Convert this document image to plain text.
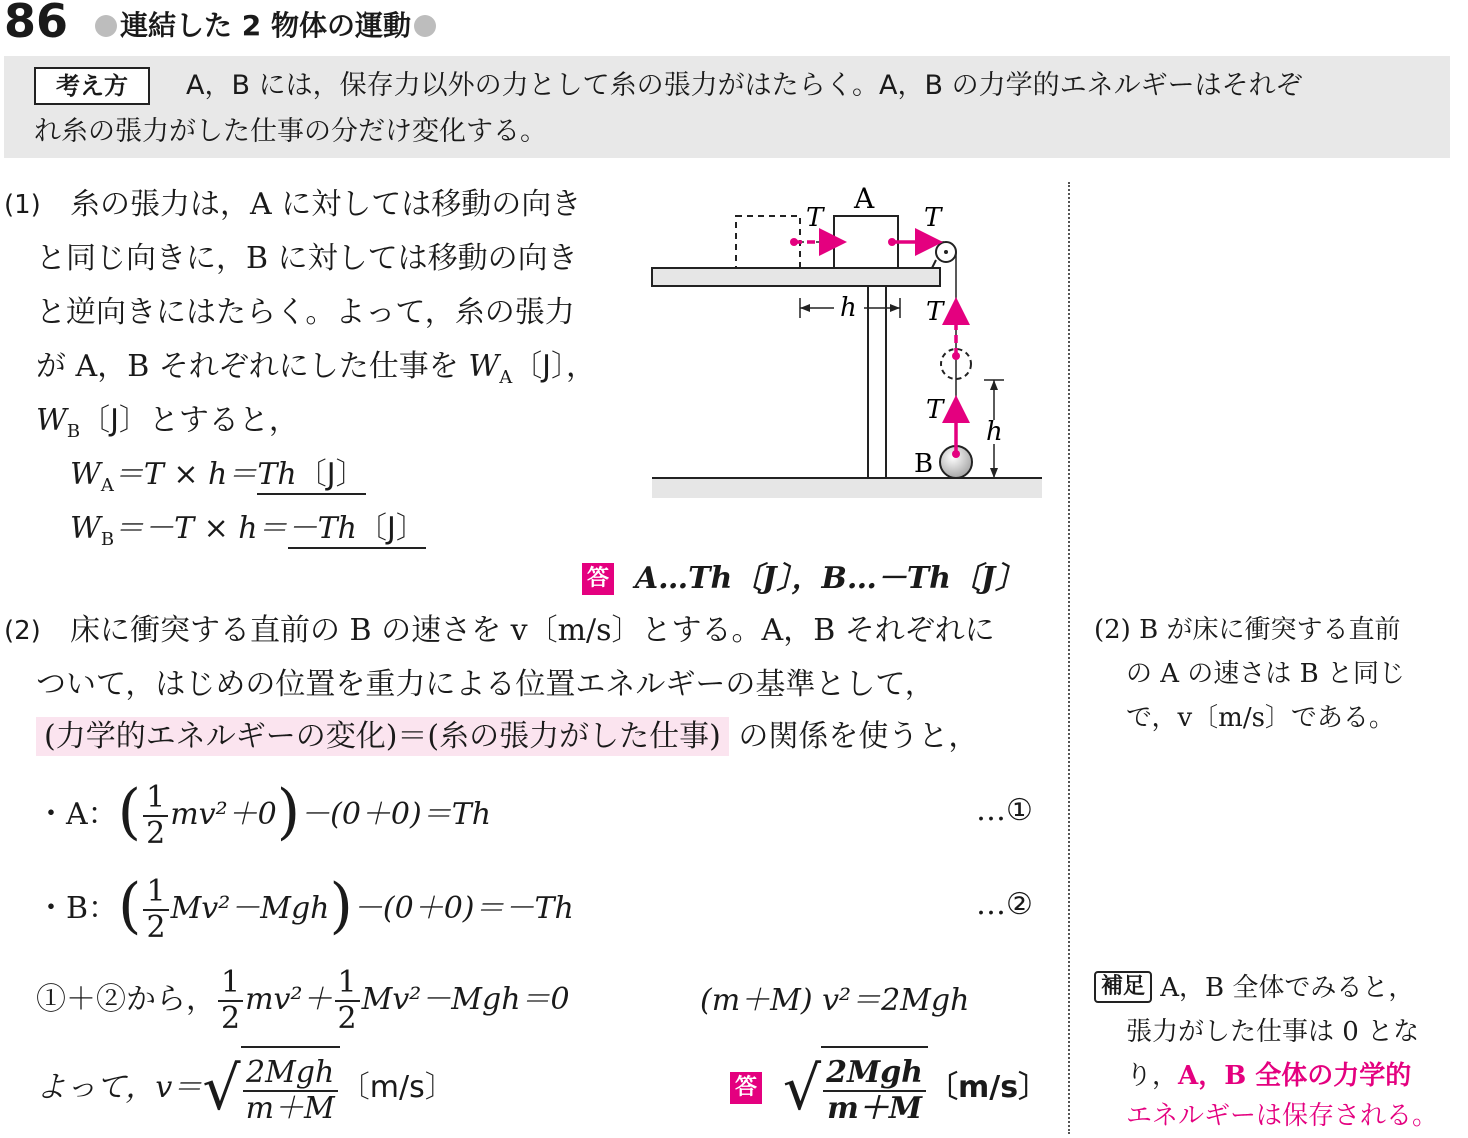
86	連結した 2 物体の運動
考え方	A，B には，保存力以外の力として糸の張力がはたらく。A，B の力学的エネルギーはそれぞ
れ糸の張力がした仕事の分だけ変化する。
(1) 糸の張力は，A に対しては移動の向き
と同じ向きに，B に対しては移動の向き
と逆向きにはたらく。よって，糸の張力
が A，B それぞれにした仕事を $W_A$〔J〕，
$W_B$〔J〕とすると，
$W_A=T \times h=Th$〔J〕
$W_B=-T \times h=-Th$〔J〕
答 A…Th〔J〕，B…－Th〔J〕
A
T	T
T
T
h
h
B
(2) 床に衝突する直前の B の速さを v〔m/s〕とする。A，B それぞれに
ついて，はじめの位置を重力による位置エネルギーの基準として，
(力学的エネルギーの変化)＝(糸の張力がした仕事) の関係を使うと，
・A：( $\frac{1}{2} mv^2+0)-(0+0)=Th$	…①
・B：( $\frac{1}{2} Mv^2-Mgh)-(0+0)=-Th$	…②
①＋②から， $\frac{1}{2} mv^2+ \frac{1}{2} Mv^2-Mgh=0$	(m＋M) v²＝2Mgh
よって，$v=√ \frac{\text{2Mgh}}{m+M}$ 〔m/s〕	答 √ $\frac{\text{2Mgh}}{m+M}$ 〔m/s〕
(2) B が床に衝突する直前
の A の速さは B と同じ
で，v〔m/s〕である。
補足 A，B 全体でみると，
張力がした仕事は 0 とな
り，A，B 全体の力学的
エネルギーは保存される。
